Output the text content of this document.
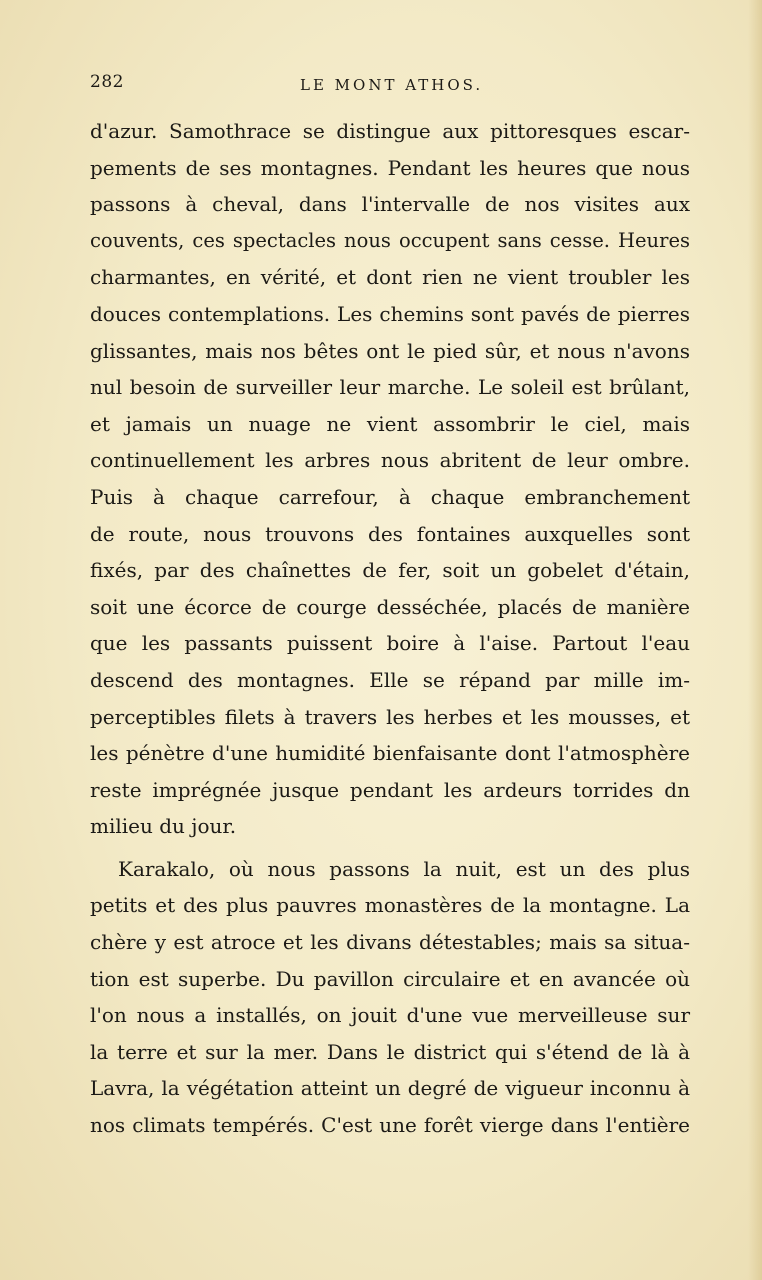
282	LE MONT ATHOS.
d'azur. Samothrace se distingue aux pittoresques escar-
pements de ses montagnes. Pendant les heures que nous
passons à cheval, dans l'intervalle de nos visites aux
couvents, ces spectacles nous occupent sans cesse. Heures
charmantes, en vérité, et dont rien ne vient troubler les
douces contemplations. Les chemins sont pavés de pierres
glissantes, mais nos bêtes ont le pied sûr, et nous n'avons
nul besoin de surveiller leur marche. Le soleil est brûlant,
et jamais un nuage ne vient assombrir le ciel, mais
continuellement les arbres nous abritent de leur ombre.
Puis à chaque carrefour, à chaque embranchement
de route, nous trouvons des fontaines auxquelles sont
fixés, par des chaînettes de fer, soit un gobelet d'étain,
soit une écorce de courge desséchée, placés de manière
que les passants puissent boire à l'aise. Partout l'eau
descend des montagnes. Elle se répand par mille im-
perceptibles filets à travers les herbes et les mousses, et
les pénètre d'une humidité bienfaisante dont l'atmosphère
reste imprégnée jusque pendant les ardeurs torrides dn
milieu du jour.
Karakalo, où nous passons la nuit, est un des plus
petits et des plus pauvres monastères de la montagne. La
chère y est atroce et les divans détestables; mais sa situa-
tion est superbe. Du pavillon circulaire et en avancée où
l'on nous a installés, on jouit d'une vue merveilleuse sur
la terre et sur la mer. Dans le district qui s'étend de là à
Lavra, la végétation atteint un degré de vigueur inconnu à
nos climats tempérés. C'est une forêt vierge dans l'entière
